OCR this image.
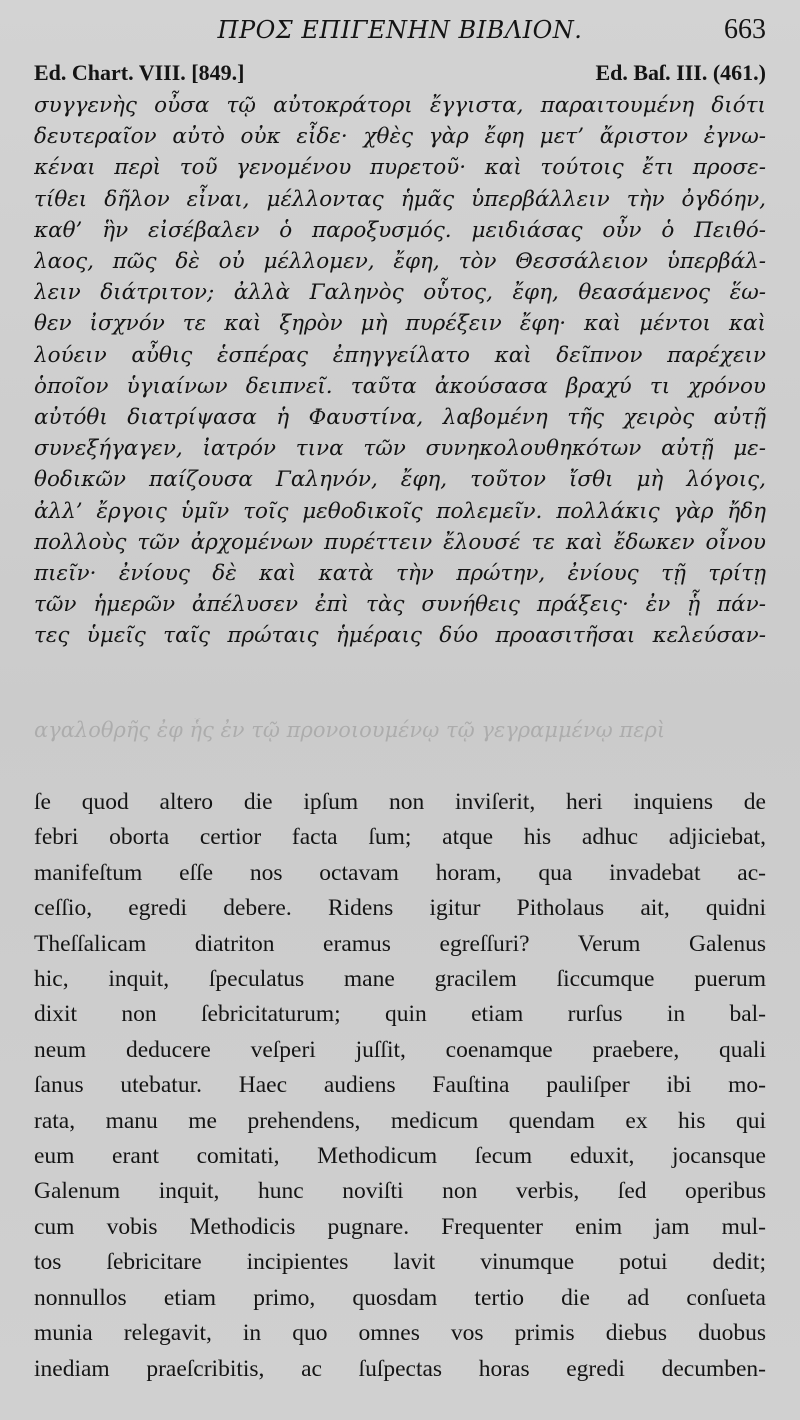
ΠΡΟΣ ΕΠΙΓΕΝΗΝ ΒΙΒΛΙΟΝ.	663
Ed. Chart. VIII. [849.]	Ed. Baſ. III. (461.)
συγγενὴς οὖσα τῷ αὐτοκράτορι ἔγγιστα, παραιτουμένη διότι
δευτεραῖον αὐτὸ οὐκ εἶδε· χθὲς γὰρ ἔφη μετ’ ἄριστον ἐγνω-
κέναι περὶ τοῦ γενομένου πυρετοῦ· καὶ τούτοις ἔτι προσε-
τίθει δῆλον εἶναι, μέλλοντας ἡμᾶς ὑπερβάλλειν τὴν ὀγδόην,
καθ’ ἣν εἰσέβαλεν ὁ παροξυσμός. μειδιάσας οὖν ὁ Πειθό-
λαος, πῶς δὲ οὐ μέλλομεν, ἔφη, τὸν Θεσσάλειον ὑπερβάλ-
λειν διάτριτον; ἀλλὰ Γαληνὸς οὗτος, ἔφη, θεασάμενος ἕω-
θεν ἰσχνόν τε καὶ ξηρὸν μὴ πυρέξειν ἔφη· καὶ μέντοι καὶ
λούειν αὖθις ἑσπέρας ἐπηγγείλατο καὶ δεῖπνον παρέχειν
ὁποῖον ὑγιαίνων δειπνεῖ. ταῦτα ἀκούσασα βραχύ τι χρόνου
αὐτόθι διατρίψασα ἡ Φαυστίνα, λαβομένη τῆς χειρὸς αὐτῇ
συνεξήγαγεν, ἰατρόν τινα τῶν συνηκολουθηκότων αὐτῇ με-
θοδικῶν παίζουσα Γαληνόν, ἔφη, τοῦτον ἴσθι μὴ λόγοις,
ἀλλ’ ἔργοις ὑμῖν τοῖς μεθοδικοῖς πολεμεῖν. πολλάκις γὰρ ἤδη
πολλοὺς τῶν ἀρχομένων πυρέττειν ἔλουσέ τε καὶ ἔδωκεν οἶνου
πιεῖν· ἐνίους δὲ καὶ κατὰ τὴν πρώτην, ἐνίους τῇ τρίτῃ
τῶν ἡμερῶν ἀπέλυσεν ἐπὶ τὰς συνήθεις πράξεις· ἐν ᾗ πάν-
τες ὑμεῖς ταῖς πρώταις ἡμέραις δύο προασιτῆσαι κελεύσαν-
αγαλοθρῆς ἐφ ἧς ἐν τῷ προνοιουμένῳ τῷ γεγραμμένῳ περὶ
ſe quod altero die ipſum non inviſerit, heri inquiens de
febri oborta certior facta ſum; atque his adhuc adjiciebat,
manifeſtum eſſe nos octavam horam, qua invadebat ac-
ceſſio, egredi debere. Ridens igitur Pitholaus ait, quidni
Theſſalicam diatriton eramus egreſſuri? Verum Galenus
hic, inquit, ſpeculatus mane gracilem ſiccumque puerum
dixit non ſebricitaturum; quin etiam rurſus in bal-
neum deducere veſperi juſſit, coenamque praebere, quali
ſanus utebatur. Haec audiens Fauſtina pauliſper ibi mo-
rata, manu me prehendens, medicum quendam ex his qui
eum erant comitati, Methodicum ſecum eduxit, jocansque
Galenum inquit, hunc noviſti non verbis, ſed operibus
cum vobis Methodicis pugnare. Frequenter enim jam mul-
tos ſebricitare incipientes lavit vinumque potui dedit;
nonnullos etiam primo, quosdam tertio die ad conſueta
munia relegavit, in quo omnes vos primis diebus duobus
inediam praeſcribitis, ac ſuſpectas horas egredi decumben-
